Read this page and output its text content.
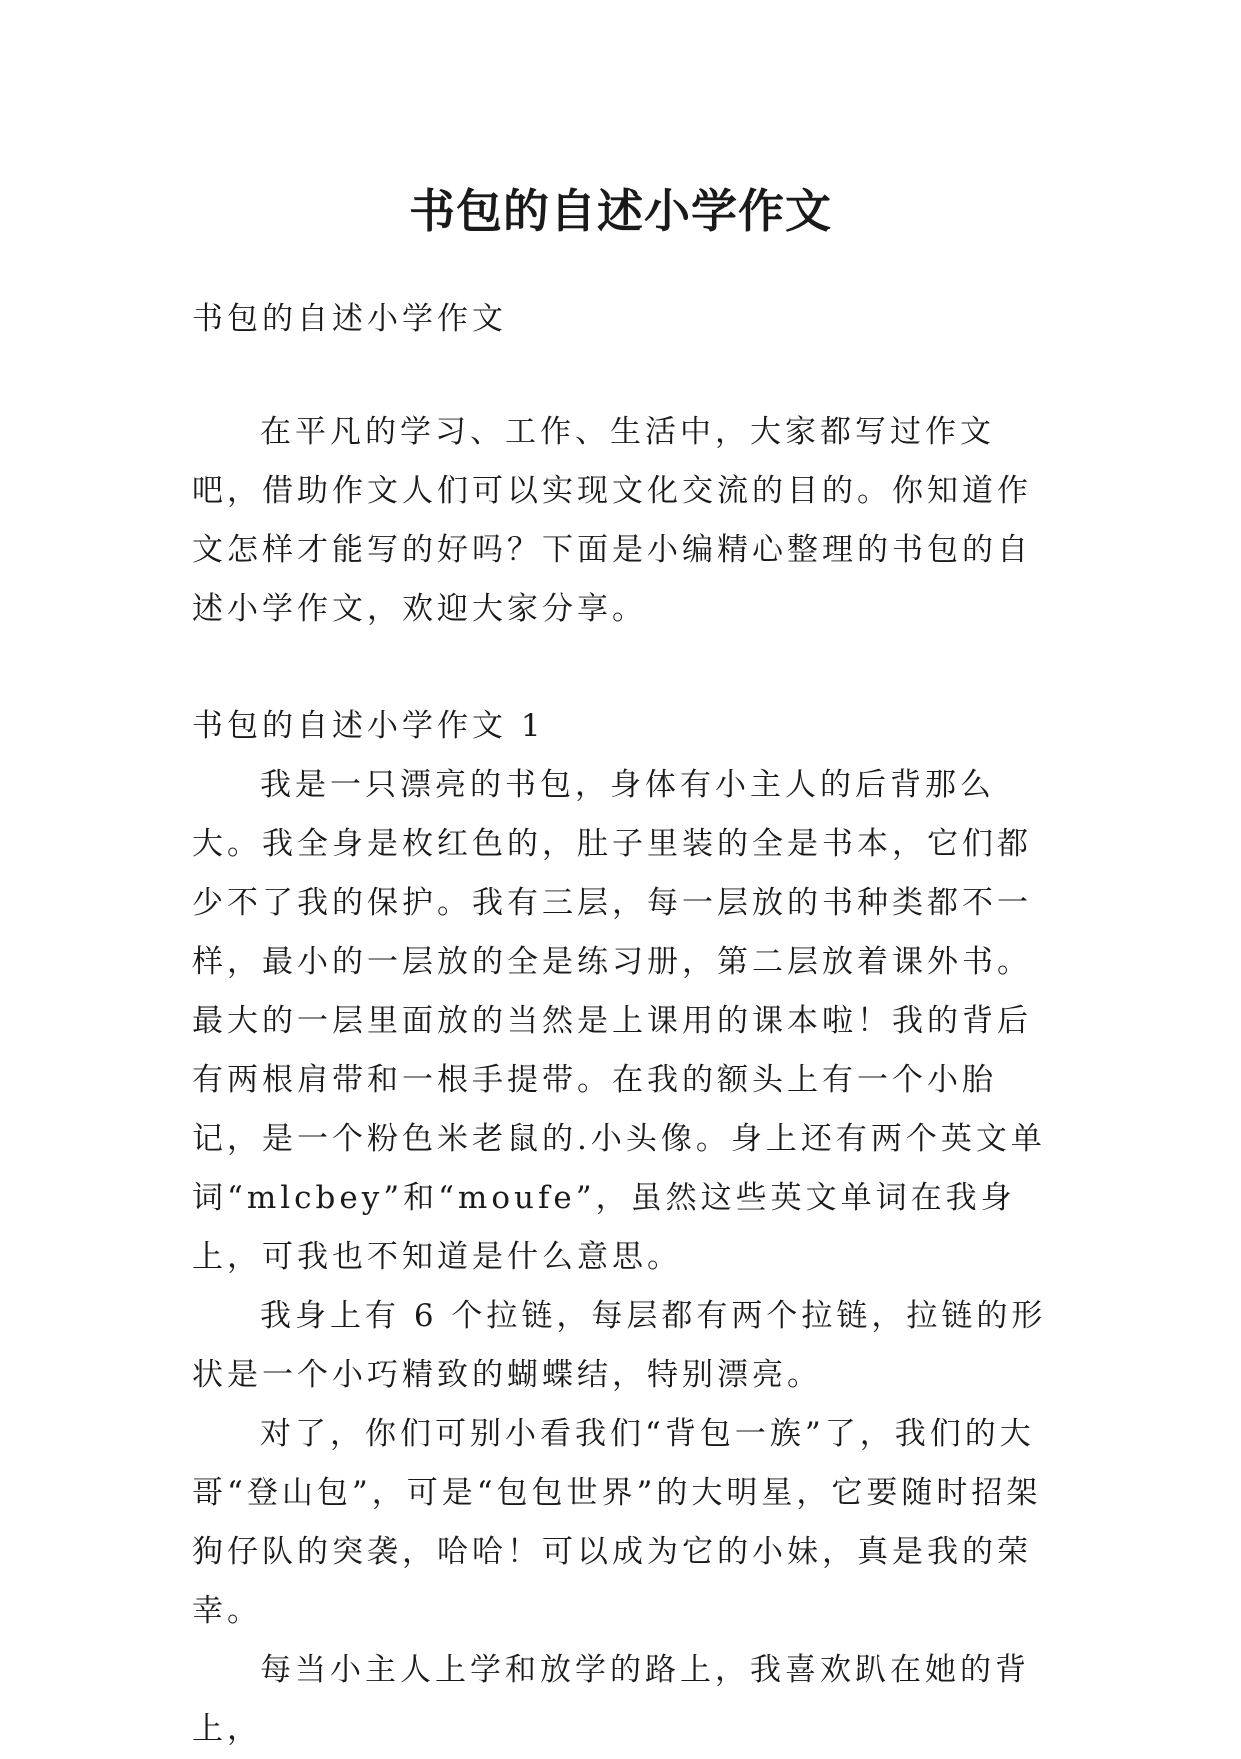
书包的自述小学作文
书包的自述小学作文
在平凡的学习、工作、生活中，大家都写过作文吧，借助作文人们可以实现文化交流的目的。你知道作文怎样才能写的好吗？下面是小编精心整理的书包的自述小学作文，欢迎大家分享。
书包的自述小学作文 1

我是一只漂亮的书包，身体有小主人的后背那么大。我全身是枚红色的，肚子里装的全是书本，它们都少不了我的保护。我有三层，每一层放的书种类都不一样，最小的一层放的全是练习册，第二层放着课外书。最大的一层里面放的当然是上课用的课本啦！我的背后有两根肩带和一根手提带。在我的额头上有一个小胎记，是一个粉色米老鼠的.小头像。身上还有两个英文单词“mlcbey”和“moufe”，虽然这些英文单词在我身上，可我也不知道是什么意思。

我身上有 6 个拉链，每层都有两个拉链，拉链的形状是一个小巧精致的蝴蝶结，特别漂亮。

对了，你们可别小看我们“背包一族”了，我们的大哥“登山包”，可是“包包世界”的大明星，它要随时招架狗仔队的突袭，哈哈！可以成为它的小妹，真是我的荣幸。

每当小主人上学和放学的路上，我喜欢趴在她的背上，
